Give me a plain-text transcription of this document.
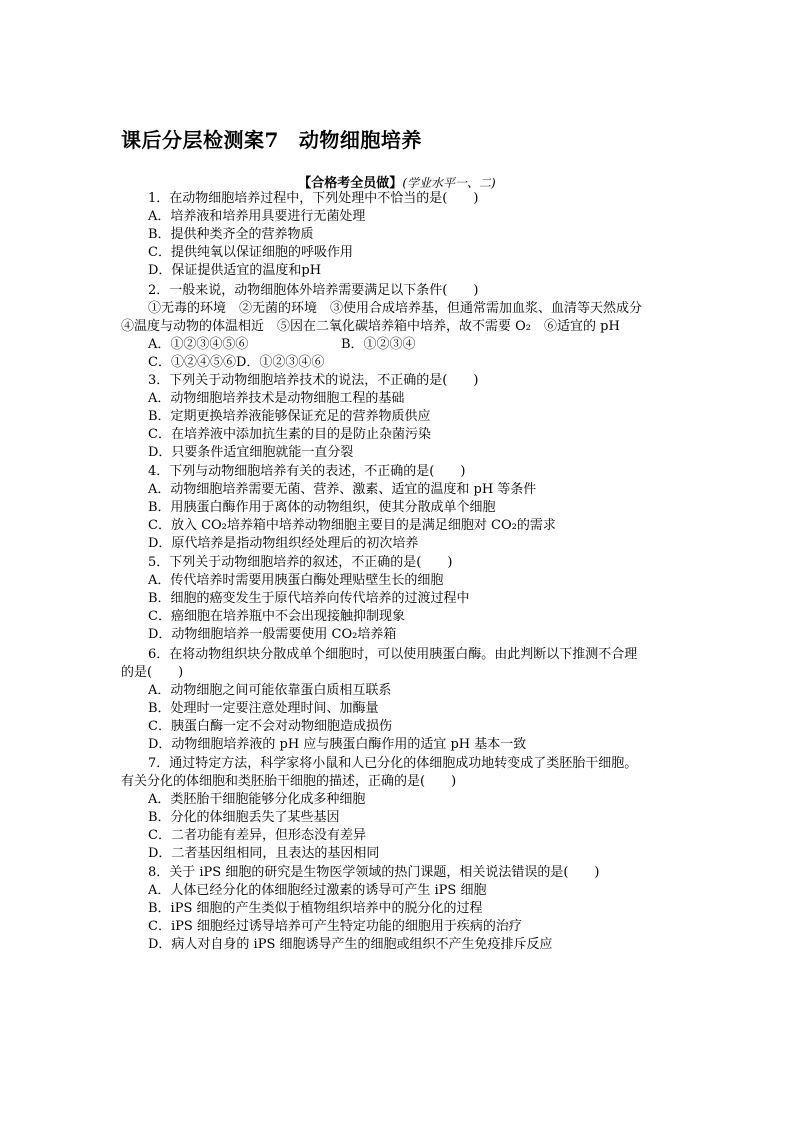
课后分层检测案7 动物细胞培养
【合格考全员做】(学业水平一、二)
1．在动物细胞培养过程中，下列处理中不恰当的是(　　)
A．培养液和培养用具要进行无菌处理
B．提供种类齐全的营养物质
C．提供纯氧以保证细胞的呼吸作用
D．保证提供适宜的温度和pH
2．一般来说，动物细胞体外培养需要满足以下条件(　　)
①无毒的环境　②无菌的环境　③使用合成培养基，但通常需加血浆、血清等天然成分
④温度与动物的体温相近　⑤因在二氧化碳培养箱中培养，故不需要 O₂　⑥适宜的 pH
A．①②③④⑤⑥	B．①②③④
C．①②④⑤⑥D．①②③④⑥
3．下列关于动物细胞培养技术的说法，不正确的是(　　)
A．动物细胞培养技术是动物细胞工程的基础
B．定期更换培养液能够保证充足的营养物质供应
C．在培养液中添加抗生素的目的是防止杂菌污染
D．只要条件适宜细胞就能一直分裂
4．下列与动物细胞培养有关的表述，不正确的是(　　)
A．动物细胞培养需要无菌、营养、激素、适宜的温度和 pH 等条件
B．用胰蛋白酶作用于离体的动物组织，使其分散成单个细胞
C．放入 CO₂培养箱中培养动物细胞主要目的是满足细胞对 CO₂的需求
D．原代培养是指动物组织经处理后的初次培养
5．下列关于动物细胞培养的叙述，不正确的是(　　)
A．传代培养时需要用胰蛋白酶处理贴壁生长的细胞
B．细胞的癌变发生于原代培养向传代培养的过渡过程中
C．癌细胞在培养瓶中不会出现接触抑制现象
D．动物细胞培养一般需要使用 CO₂培养箱
6．在将动物组织块分散成单个细胞时，可以使用胰蛋白酶。由此判断以下推测不合理
的是(　　)
A．动物细胞之间可能依靠蛋白质相互联系
B．处理时一定要注意处理时间、加酶量
C．胰蛋白酶一定不会对动物细胞造成损伤
D．动物细胞培养液的 pH 应与胰蛋白酶作用的适宜 pH 基本一致
7．通过特定方法，科学家将小鼠和人已分化的体细胞成功地转变成了类胚胎干细胞。
有关分化的体细胞和类胚胎干细胞的描述，正确的是(　　)
A．类胚胎干细胞能够分化成多种细胞
B．分化的体细胞丢失了某些基因
C．二者功能有差异，但形态没有差异
D．二者基因组相同，且表达的基因相同
8．关于 iPS 细胞的研究是生物医学领域的热门课题，相关说法错误的是(　　)
A．人体已经分化的体细胞经过激素的诱导可产生 iPS 细胞
B．iPS 细胞的产生类似于植物组织培养中的脱分化的过程
C．iPS 细胞经过诱导培养可产生特定功能的细胞用于疾病的治疗
D．病人对自身的 iPS 细胞诱导产生的细胞或组织不产生免疫排斥反应
